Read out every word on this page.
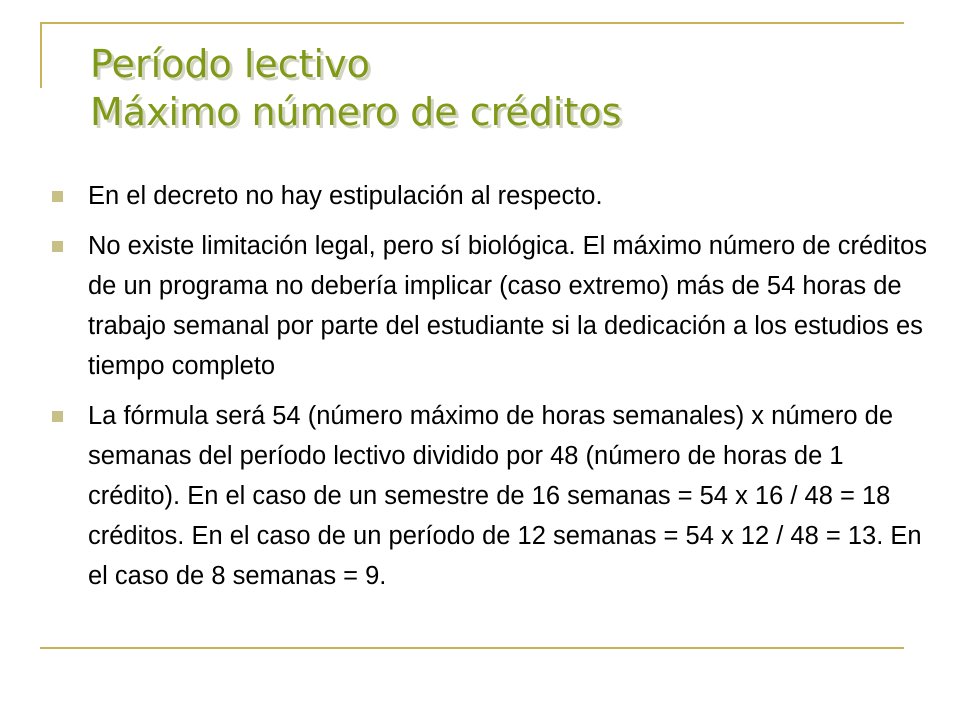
Período lectivo
Máximo número de créditos
En el decreto no hay estipulación al respecto.
No existe limitación legal, pero sí biológica. El máximo número de créditos de un programa no debería implicar (caso extremo) más de 54 horas de trabajo semanal por parte del estudiante si la dedicación a los estudios es tiempo completo
La fórmula será 54 (número máximo de horas semanales) x número de semanas del período lectivo dividido por 48 (número de horas de 1 crédito). En el caso de un semestre de 16 semanas = 54 x 16 / 48 = 18 créditos. En el caso de un período de 12 semanas = 54 x 12 / 48 = 13. En el caso de 8 semanas = 9.
